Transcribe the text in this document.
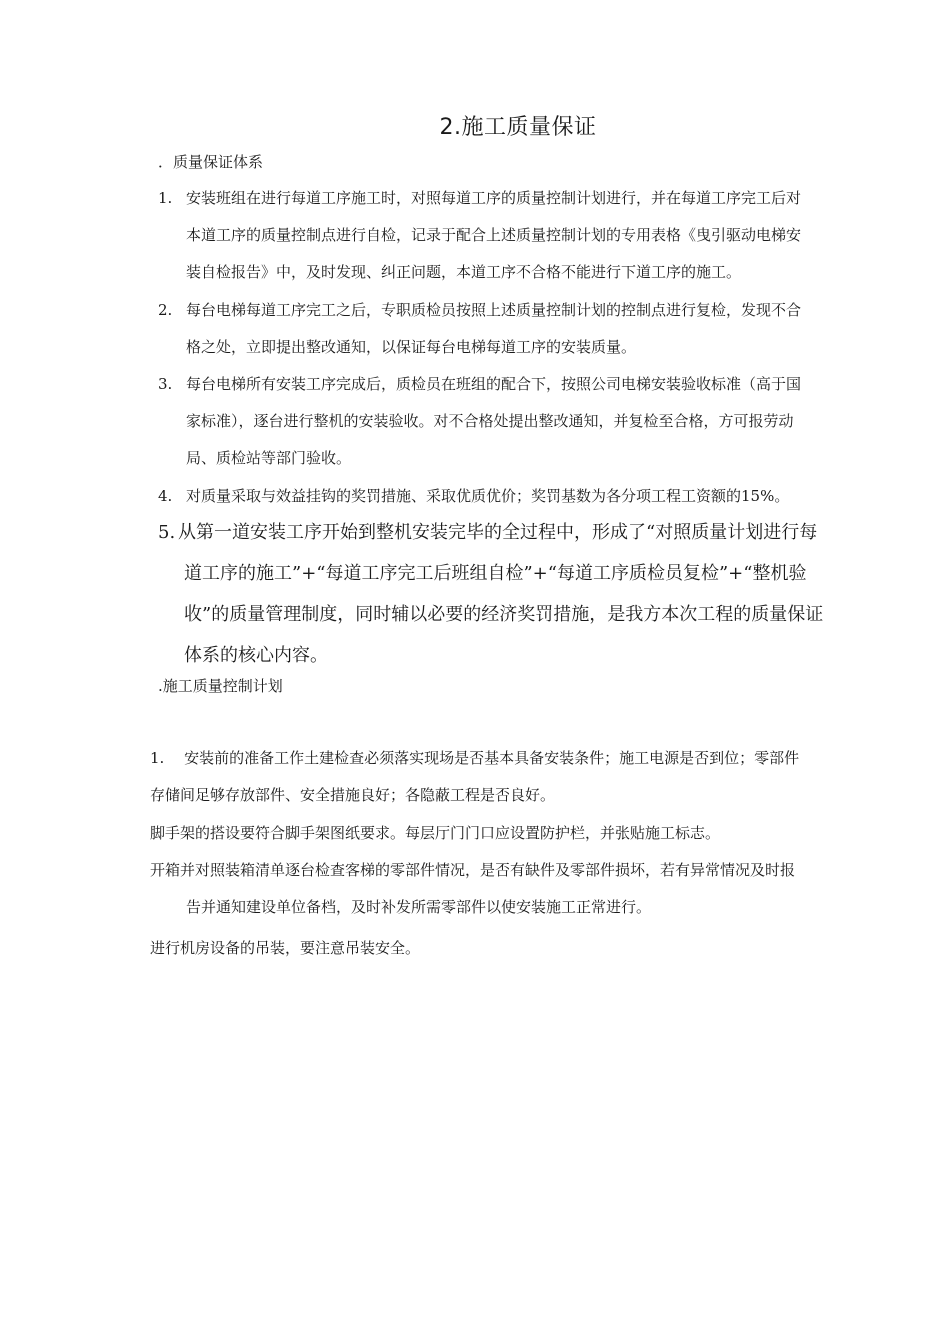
2.施工质量保证
．质量保证体系
1. 安装班组在进行每道工序施工时，对照每道工序的质量控制计划进行，并在每道工序完工后对
本道工序的质量控制点进行自检，记录于配合上述质量控制计划的专用表格《曳引驱动电梯安
装自检报告》中，及时发现、纠正问题，本道工序不合格不能进行下道工序的施工。
2. 每台电梯每道工序完工之后，专职质检员按照上述质量控制计划的控制点进行复检，发现不合
格之处，立即提出整改通知，以保证每台电梯每道工序的安装质量。
3. 每台电梯所有安装工序完成后，质检员在班组的配合下，按照公司电梯安装验收标准（高于国
家标准），逐台进行整机的安装验收。对不合格处提出整改通知，并复检至合格，方可报劳动
局、质检站等部门验收。
4. 对质量采取与效益挂钩的奖罚措施、采取优质优价；奖罚基数为各分项工程工资额的15%。
5. 从第一道安装工序开始到整机安装完毕的全过程中，形成了“对照质量计划进行每
道工序的施工”+“每道工序完工后班组自检”+“每道工序质检员复检”+“整机验
收”的质量管理制度，同时辅以必要的经济奖罚措施，是我方本次工程的质量保证
体系的核心内容。
.施工质量控制计划
1.　 安装前的准备工作土建检查必须落实现场是否基本具备安装条件；施工电源是否到位；零部件
存储间足够存放部件、安全措施良好；各隐蔽工程是否良好。
脚手架的搭设要符合脚手架图纸要求。每层厅门门口应设置防护栏，并张贴施工标志。
开箱并对照装箱清单逐台检查客梯的零部件情况，是否有缺件及零部件损坏，若有异常情况及时报
告并通知建设单位备档，及时补发所需零部件以使安装施工正常进行。
进行机房设备的吊装，要注意吊装安全。
